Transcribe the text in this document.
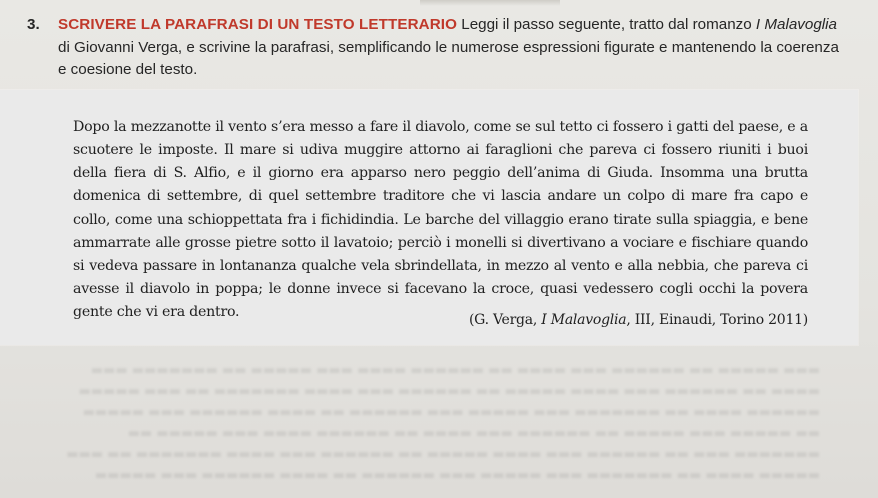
3. SCRIVERE LA PARAFRASI DI UN TESTO LETTERARIO Leggi il passo seguente, tratto dal romanzo I Malavoglia di Giovanni Verga, e scrivine la parafrasi, semplificando le numerose espressioni figurate e mantenendo la coerenza e coesione del testo.

Dopo la mezzanotte il vento s’era messo a fare il diavolo, come se sul tetto ci fossero i gatti del paese, e a scuotere le imposte. Il mare si udiva muggire attorno ai faraglioni che pareva ci fossero riuniti i buoi della fiera di S. Alfio, e il giorno era apparso nero peggio dell’anima di Giuda. Insomma una brutta domenica di settembre, di quel settembre traditore che vi lascia andare un colpo di mare fra capo e collo, come una schioppettata fra i fichidindia. Le barche del villaggio erano tirate sulla spiaggia, e bene ammarrate alle grosse pietre sotto il lavatoio; perciò i monelli si divertivano a vociare e fischiare quando si vedeva passare in lontananza qualche vela sbrindellata, in mezzo al vento e alla nebbia, che pareva ci avesse il diavolo in poppa; le donne invece si facevano la croce, quasi vedessero cogli occhi la povera gente che vi era dentro.

(G. Verga, I Malavoglia, III, Einaudi, Torino 2011)
▬▬▬ ▬▬▬▬▬ ▬▬ ▬▬▬▬▬▬ ▬▬▬ ▬▬▬▬ ▬▬ ▬▬▬▬▬▬ ▬▬▬▬ ▬▬▬ ▬▬▬▬▬ ▬▬ ▬▬▬▬▬▬▬ ▬▬▬ ▬▬▬▬ ▬▬ ▬▬▬▬▬▬ ▬▬▬ ▬▬▬▬ ▬▬▬▬▬ ▬▬ ▬▬▬▬▬▬ ▬▬▬ ▬▬▬▬ ▬▬▬▬▬▬▬ ▬▬ ▬▬▬ ▬▬▬▬▬ ▬▬▬▬▬▬ ▬▬▬▬ ▬▬ ▬▬▬▬▬▬▬ ▬▬▬ ▬▬▬▬▬ ▬▬▬ ▬▬▬▬▬▬ ▬▬ ▬▬▬▬ ▬▬▬▬▬▬ ▬▬▬ ▬▬▬▬▬ ▬▬ ▬▬▬▬▬ ▬▬▬ ▬▬▬▬▬ ▬▬ ▬▬▬▬▬▬ ▬▬▬ ▬▬▬▬ ▬▬ ▬▬▬▬▬▬ ▬▬▬▬ ▬▬▬ ▬▬▬▬▬ ▬▬ ▬▬▬▬▬▬▬ ▬▬▬ ▬▬ ▬▬▬▬▬▬ ▬▬▬ ▬▬▬▬ ▬▬▬▬▬ ▬▬ ▬▬▬▬▬▬ ▬▬▬ ▬▬▬▬ ▬▬▬▬▬▬▬ ▬▬ ▬▬▬ ▬▬▬▬▬ ▬▬▬▬ ▬▬ ▬▬▬▬▬▬▬ ▬▬▬ ▬▬▬▬▬ ▬▬▬ ▬▬▬▬▬▬ ▬▬ ▬▬▬▬ ▬▬▬▬▬▬ ▬▬▬ ▬▬▬▬▬
